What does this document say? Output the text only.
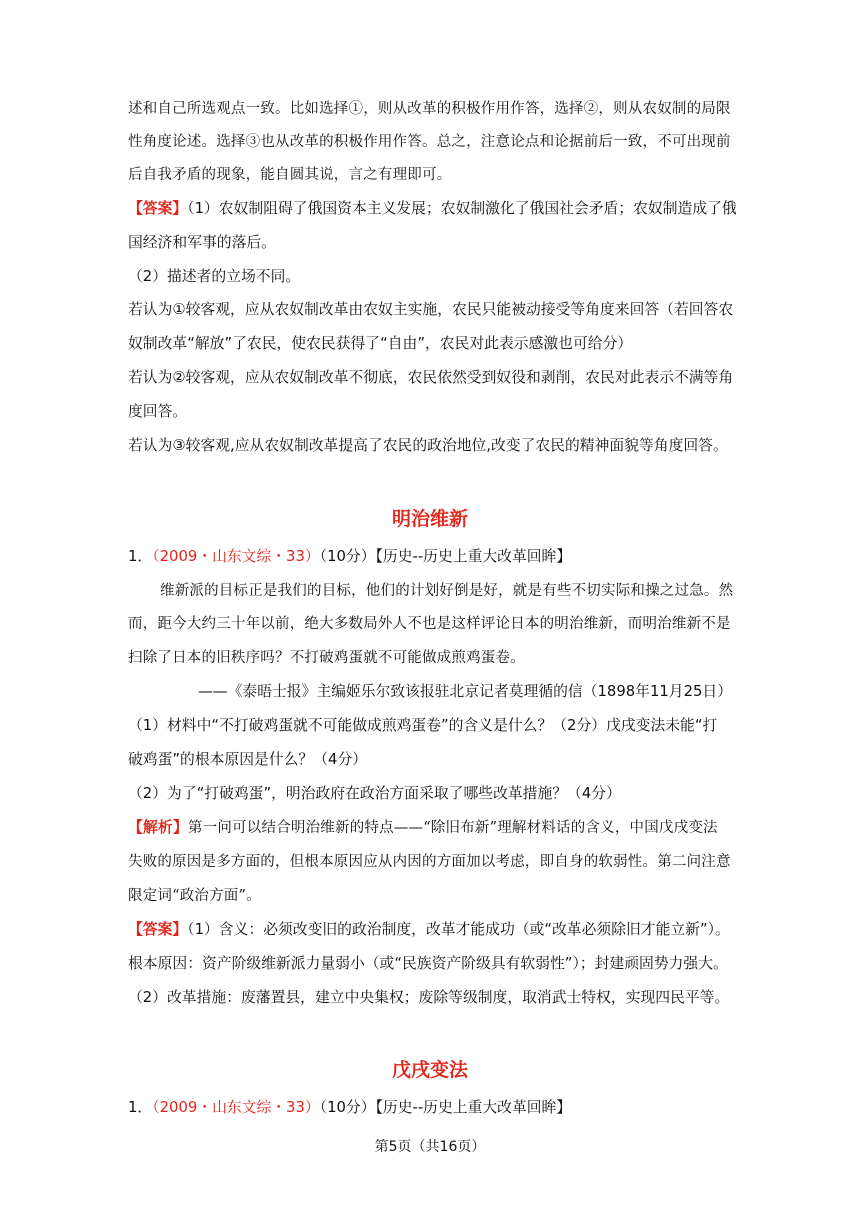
述和自己所选观点一致。比如选择①，则从改革的积极作用作答，选择②，则从农奴制的局限
性角度论述。选择③也从改革的积极作用作答。总之，注意论点和论据前后一致，不可出现前
后自我矛盾的现象，能自圆其说，言之有理即可。
【答案】（1）农奴制阻碍了俄国资本主义发展；农奴制激化了俄国社会矛盾；农奴制造成了俄
国经济和军事的落后。
（2）描述者的立场不同。
若认为①较客观，应从农奴制改革由农奴主实施，农民只能被动接受等角度来回答（若回答农
奴制改革“解放”了农民，使农民获得了“自由”，农民对此表示感激也可给分）
若认为②较客观，应从农奴制改革不彻底，农民依然受到奴役和剥削，农民对此表示不满等角
度回答。
若认为③较客观,应从农奴制改革提高了农民的政治地位,改变了农民的精神面貌等角度回答。
明治维新
1．（2009・山东文综・33）（10分）【历史--历史上重大改革回眸】
维新派的目标正是我们的目标，他们的计划好倒是好，就是有些不切实际和操之过急。然
而，距今大约三十年以前，绝大多数局外人不也是这样评论日本的明治维新，而明治维新不是
扫除了日本的旧秩序吗？不打破鸡蛋就不可能做成煎鸡蛋卷。
——《泰晤士报》主编姬乐尔致该报驻北京记者莫理循的信（1898年11月25日）
（1）材料中“不打破鸡蛋就不可能做成煎鸡蛋卷”的含义是什么？（2分）戊戌变法未能“打
破鸡蛋”的根本原因是什么？（4分）
（2）为了“打破鸡蛋”，明治政府在政治方面采取了哪些改革措施？（4分）
【解析】第一问可以结合明治维新的特点——“除旧布新”理解材料话的含义，中国戊戌变法
失败的原因是多方面的，但根本原因应从内因的方面加以考虑，即自身的软弱性。第二问注意
限定词“政治方面”。
【答案】（1）含义：必须改变旧的政治制度，改革才能成功（或“改革必须除旧才能立新”）。
根本原因：资产阶级维新派力量弱小（或“民族资产阶级具有软弱性”）；封建顽固势力强大。
（2）改革措施：废藩置县，建立中央集权；废除等级制度，取消武士特权，实现四民平等。
戊戌变法
1．（2009・山东文综・33）（10分）【历史--历史上重大改革回眸】
第5页（共16页）
